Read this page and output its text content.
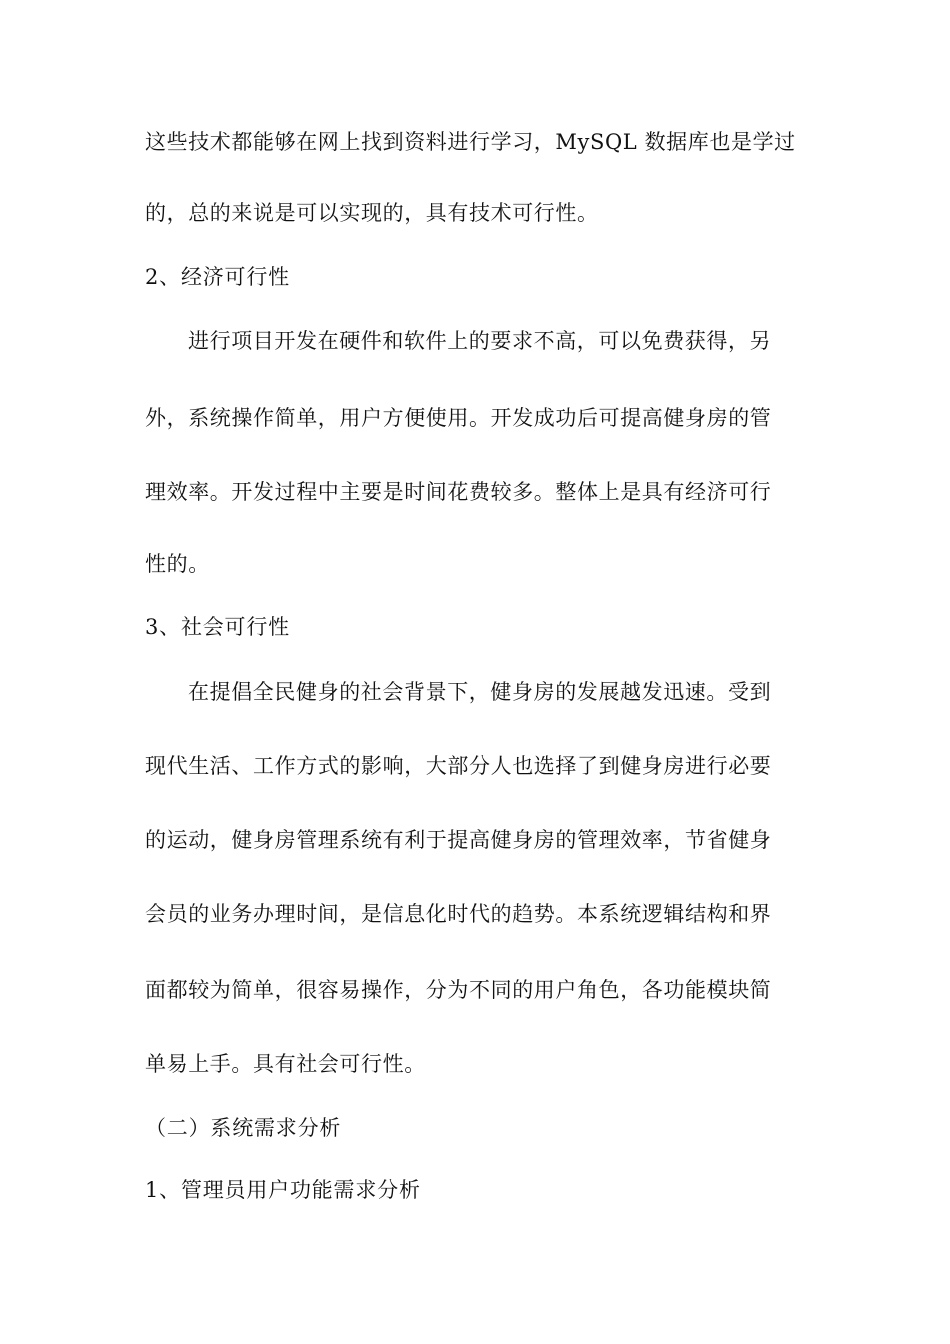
这些技术都能够在网上找到资料进行学习，MySQL 数据库也是学过
的，总的来说是可以实现的，具有技术可行性。
2、经济可行性
进行项目开发在硬件和软件上的要求不高，可以免费获得，另
外，系统操作简单，用户方便使用。开发成功后可提高健身房的管
理效率。开发过程中主要是时间花费较多。整体上是具有经济可行
性的。
3、社会可行性
在提倡全民健身的社会背景下，健身房的发展越发迅速。受到
现代生活、工作方式的影响，大部分人也选择了到健身房进行必要
的运动，健身房管理系统有利于提高健身房的管理效率，节省健身
会员的业务办理时间，是信息化时代的趋势。本系统逻辑结构和界
面都较为简单，很容易操作，分为不同的用户角色，各功能模块简
单易上手。具有社会可行性。
（二）系统需求分析
1、管理员用户功能需求分析
